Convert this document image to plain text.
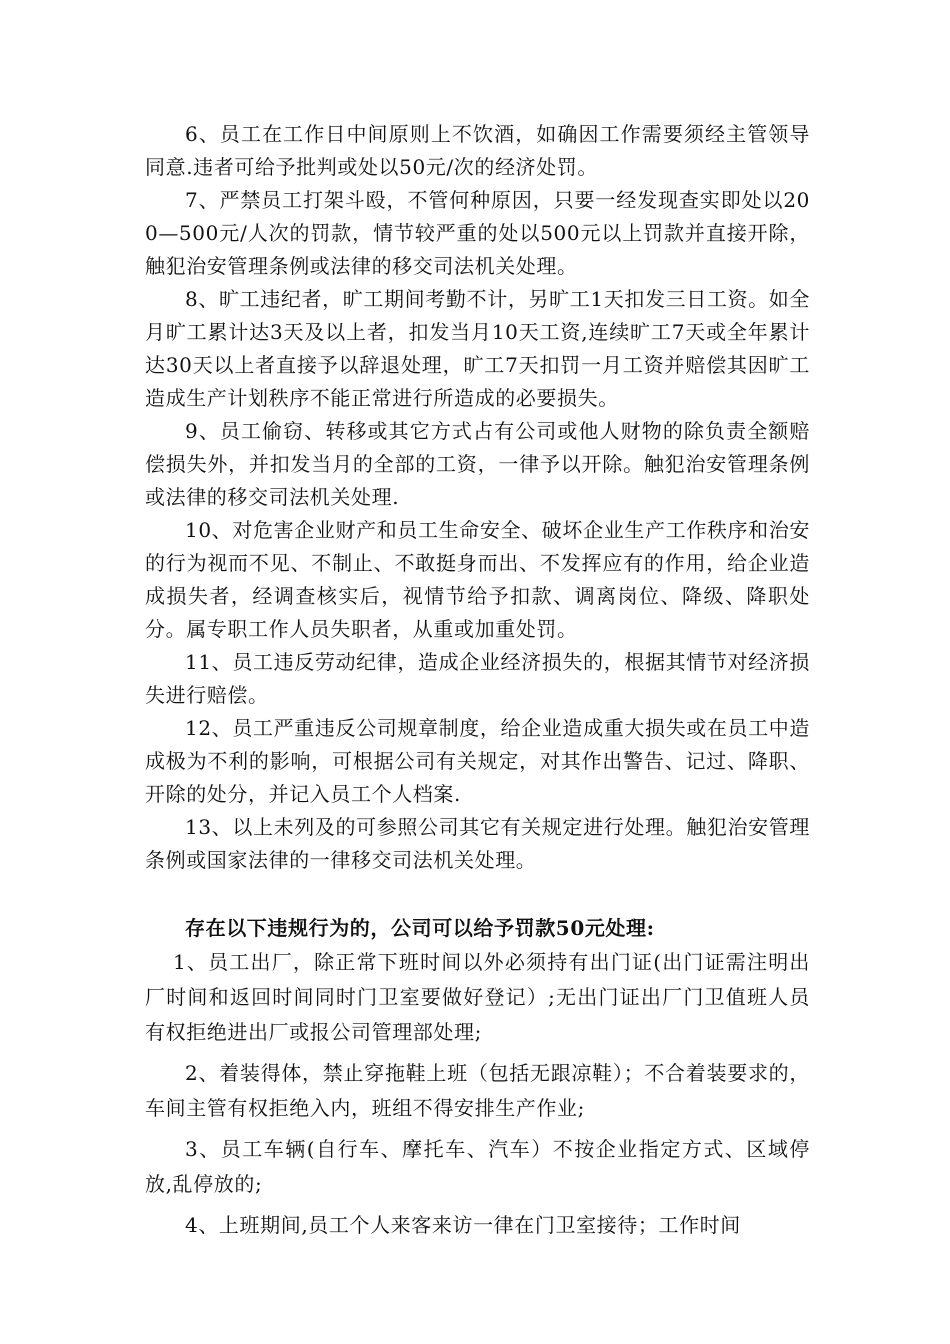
6、员工在工作日中间原则上不饮酒，如确因工作需要须经主管领导同意.违者可给予批判或处以50元/次的经济处罚。

7、严禁员工打架斗殴，不管何种原因，只要一经发现查实即处以200—500元/人次的罚款，情节较严重的处以500元以上罚款并直接开除，触犯治安管理条例或法律的移交司法机关处理。

8、旷工违纪者，旷工期间考勤不计，另旷工1天扣发三日工资。如全月旷工累计达3天及以上者，扣发当月10天工资,连续旷工7天或全年累计达30天以上者直接予以辞退处理，旷工7天扣罚一月工资并赔偿其因旷工造成生产计划秩序不能正常进行所造成的必要损失。

9、员工偷窃、转移或其它方式占有公司或他人财物的除负责全额赔偿损失外，并扣发当月的全部的工资，一律予以开除。触犯治安管理条例或法律的移交司法机关处理.

10、对危害企业财产和员工生命安全、破坏企业生产工作秩序和治安的行为视而不见、不制止、不敢挺身而出、不发挥应有的作用，给企业造成损失者，经调查核实后，视情节给予扣款、调离岗位、降级、降职处分。属专职工作人员失职者，从重或加重处罚。

11、员工违反劳动纪律，造成企业经济损失的，根据其情节对经济损失进行赔偿。

12、员工严重违反公司规章制度，给企业造成重大损失或在员工中造成极为不利的影响，可根据公司有关规定，对其作出警告、记过、降职、开除的处分，并记入员工个人档案.

13、以上未列及的可参照公司其它有关规定进行处理。触犯治安管理条例或国家法律的一律移交司法机关处理。

存在以下违规行为的，公司可以给予罚款50元处理:

1、员工出厂，除正常下班时间以外必须持有出门证(出门证需注明出厂时间和返回时间同时门卫室要做好登记）;无出门证出厂门卫值班人员有权拒绝进出厂或报公司管理部处理;

2、着装得体，禁止穿拖鞋上班（包括无跟凉鞋）；不合着装要求的，车间主管有权拒绝入内，班组不得安排生产作业;

3、员工车辆(自行车、摩托车、汽车）不按企业指定方式、区域停放,乱停放的;

4、上班期间,员工个人来客来访一律在门卫室接待；工作时间
